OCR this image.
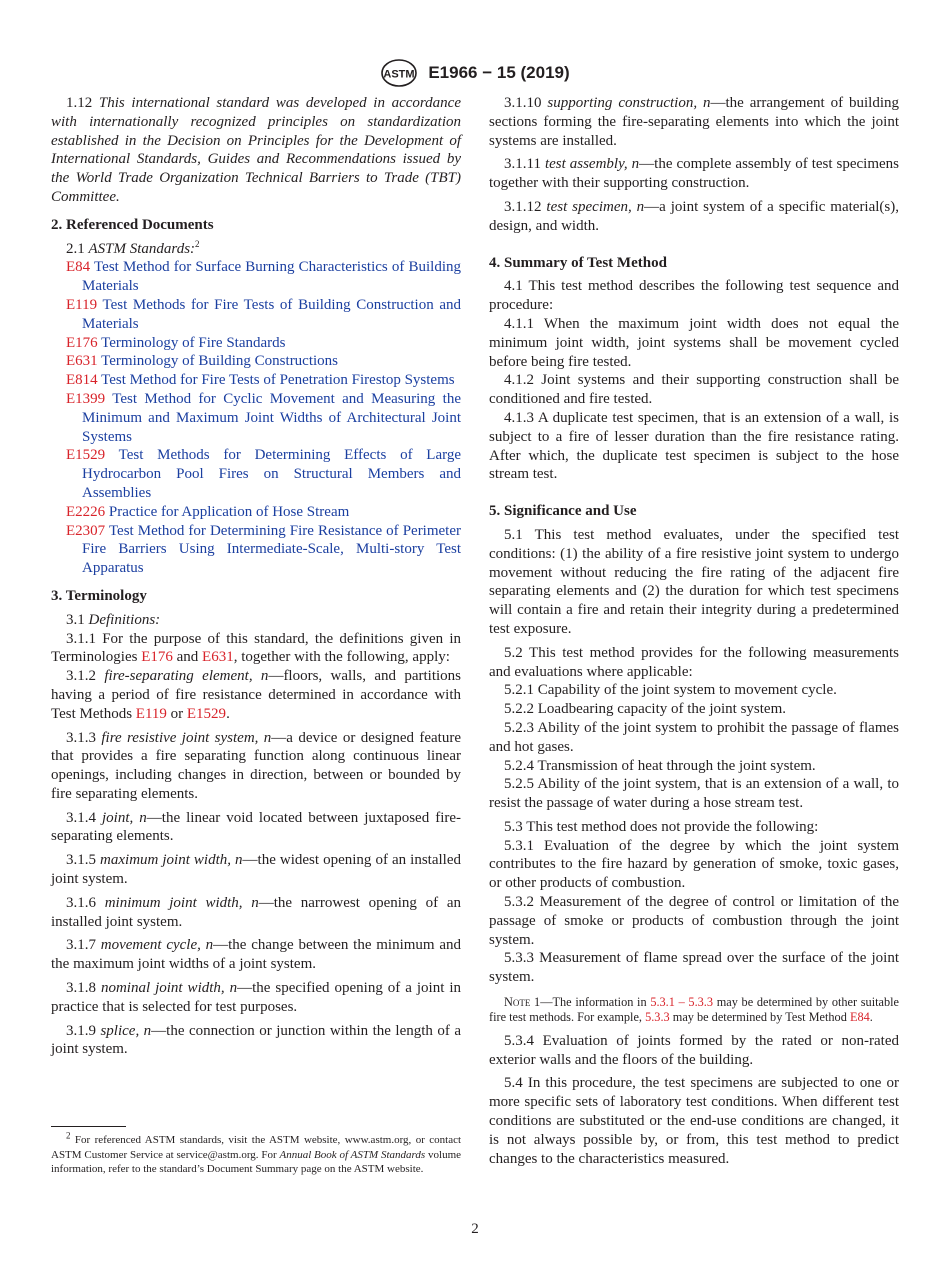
ASTM E1966 − 15 (2019)

1.12 This international standard was developed in accordance with internationally recognized principles on standardization established in the Decision on Principles for the Development of International Standards, Guides and Recommendations issued by the World Trade Organization Technical Barriers to Trade (TBT) Committee.

2. Referenced Documents

2.1 ASTM Standards:$^2$

E84 Test Method for Surface Burning Characteristics of Building Materials

E119 Test Methods for Fire Tests of Building Construction and Materials

E176 Terminology of Fire Standards

E631 Terminology of Building Constructions

E814 Test Method for Fire Tests of Penetration Firestop Systems

E1399 Test Method for Cyclic Movement and Measuring the Minimum and Maximum Joint Widths of Architectural Joint Systems

E1529 Test Methods for Determining Effects of Large Hydrocarbon Pool Fires on Structural Members and Assemblies

E2226 Practice for Application of Hose Stream

E2307 Test Method for Determining Fire Resistance of Perimeter Fire Barriers Using Intermediate-Scale, Multi-story Test Apparatus

3. Terminology

3.1 Definitions:

3.1.1 For the purpose of this standard, the definitions given in Terminologies E176 and E631, together with the following, apply:

3.1.2 fire-separating element, n—floors, walls, and partitions having a period of fire resistance determined in accordance with Test Methods E119 or E1529.

3.1.3 fire resistive joint system, n—a device or designed feature that provides a fire separating function along continuous linear openings, including changes in direction, between or bounded by fire separating elements.

3.1.4 joint, n—the linear void located between juxtaposed fire-separating elements.

3.1.5 maximum joint width, n—the widest opening of an installed joint system.

3.1.6 minimum joint width, n—the narrowest opening of an installed joint system.

3.1.7 movement cycle, n—the change between the minimum and the maximum joint widths of a joint system.

3.1.8 nominal joint width, n—the specified opening of a joint in practice that is selected for test purposes.

3.1.9 splice, n—the connection or junction within the length of a joint system.

3.1.10 supporting construction, n—the arrangement of building sections forming the fire-separating elements into which the joint systems are installed.

3.1.11 test assembly, n—the complete assembly of test specimens together with their supporting construction.

3.1.12 test specimen, n—a joint system of a specific material(s), design, and width.

4. Summary of Test Method

4.1 This test method describes the following test sequence and procedure:

4.1.1 When the maximum joint width does not equal the minimum joint width, joint systems shall be movement cycled before being fire tested.

4.1.2 Joint systems and their supporting construction shall be conditioned and fire tested.

4.1.3 A duplicate test specimen, that is an extension of a wall, is subject to a fire of lesser duration than the fire resistance rating. After which, the duplicate test specimen is subject to the hose stream test.

5. Significance and Use

5.1 This test method evaluates, under the specified test conditions: (1) the ability of a fire resistive joint system to undergo movement without reducing the fire rating of the adjacent fire separating elements and (2) the duration for which test specimens will contain a fire and retain their integrity during a predetermined test exposure.

5.2 This test method provides for the following measurements and evaluations where applicable:

5.2.1 Capability of the joint system to movement cycle.

5.2.2 Loadbearing capacity of the joint system.

5.2.3 Ability of the joint system to prohibit the passage of flames and hot gases.

5.2.4 Transmission of heat through the joint system.

5.2.5 Ability of the joint system, that is an extension of a wall, to resist the passage of water during a hose stream test.

5.3 This test method does not provide the following:

5.3.1 Evaluation of the degree by which the joint system contributes to the fire hazard by generation of smoke, toxic gases, or other products of combustion.

5.3.2 Measurement of the degree of control or limitation of the passage of smoke or products of combustion through the joint system.

5.3.3 Measurement of flame spread over the surface of the joint system.

Note 1—The information in 5.3.1 – 5.3.3 may be determined by other suitable fire test methods. For example, 5.3.3 may be determined by Test Method E84.

5.3.4 Evaluation of joints formed by the rated or non-rated exterior walls and the floors of the building.

5.4 In this procedure, the test specimens are subjected to one or more specific sets of laboratory test conditions. When different test conditions are substituted or the end-use conditions are changed, it is not always possible by, or from, this test method to predict changes to the characteristics measured.

$^2$ For referenced ASTM standards, visit the ASTM website, www.astm.org, or contact ASTM Customer Service at service@astm.org. For Annual Book of ASTM Standards volume information, refer to the standard’s Document Summary page on the ASTM website.
2
